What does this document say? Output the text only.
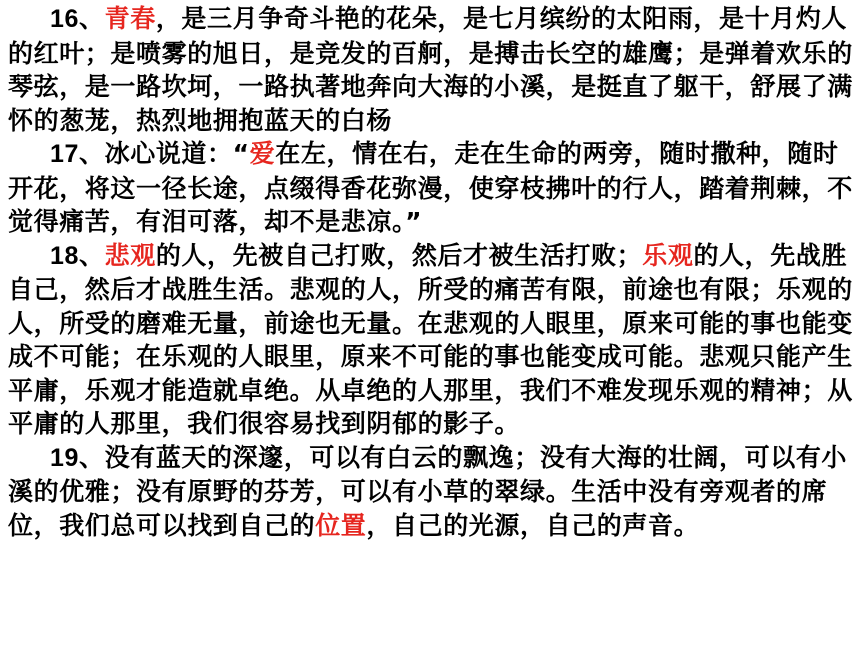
16、青春，是三月争奇斗艳的花朵，是七月缤纷的太阳雨，是十月灼人的红叶；是喷雾的旭日，是竞发的百舸，是搏击长空的雄鹰；是弹着欢乐的琴弦，是一路坎坷，一路执著地奔向大海的小溪，是挺直了躯干，舒展了满怀的葱茏，热烈地拥抱蓝天的白杨

17、冰心说道：“爱在左，情在右，走在生命的两旁，随时撒种，随时开花，将这一径长途，点缀得香花弥漫，使穿枝拂叶的行人，踏着荆棘，不觉得痛苦，有泪可落，却不是悲凉。”

18、悲观的人，先被自己打败，然后才被生活打败；乐观的人，先战胜自己，然后才战胜生活。悲观的人，所受的痛苦有限，前途也有限；乐观的人，所受的磨难无量，前途也无量。在悲观的人眼里，原来可能的事也能变成不可能；在乐观的人眼里，原来不可能的事也能变成可能。悲观只能产生平庸，乐观才能造就卓绝。从卓绝的人那里，我们不难发现乐观的精神；从平庸的人那里，我们很容易找到阴郁的影子。

19、没有蓝天的深邃，可以有白云的飘逸；没有大海的壮阔，可以有小溪的优雅；没有原野的芬芳，可以有小草的翠绿。生活中没有旁观者的席位，我们总可以找到自己的位置，自己的光源，自己的声音。
